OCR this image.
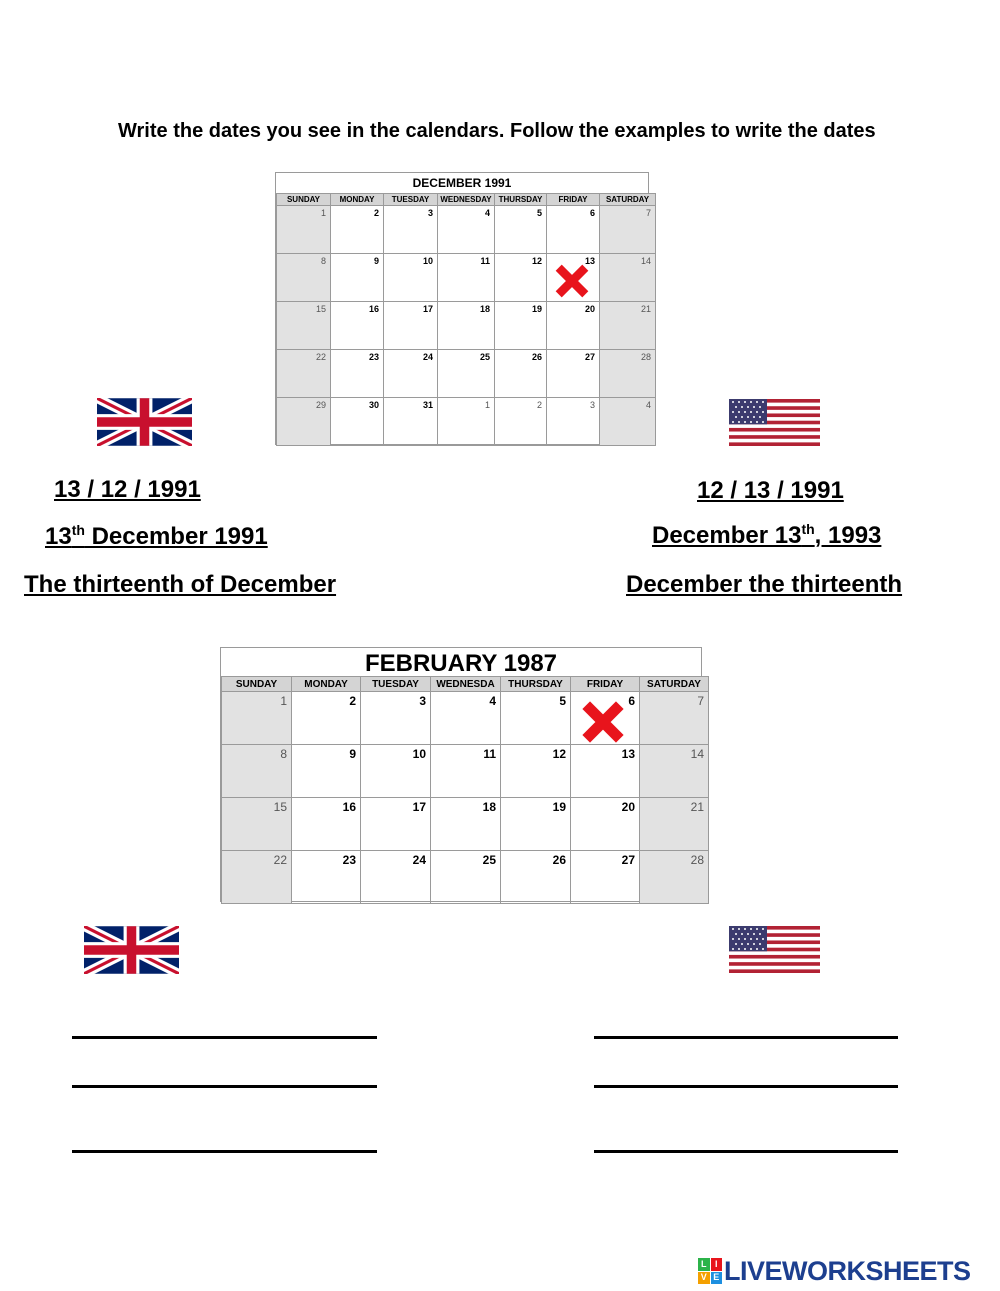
Write the dates you see in the calendars. Follow the examples to write the dates
DECEMBER 1991
SUNDAY	MONDAY	TUESDAY	WEDNESDAY	THURSDAY	FRIDAY	SATURDAY
1	2	3	4	5	6	7
8	9	10	11	12	13	14
15	16	17	18	19	20	21
22	23	24	25	26	27	28
29	30	31	1	2	3	4
FEBRUARY 1987
SUNDAY	MONDAY	TUESDAY	WEDNESDA	THURSDAY	FRIDAY	SATURDAY
1	2	3	4	5	6	7
8	9	10	11	12	13	14
15	16	17	18	19	20	21
22	23	24	25	26	27	28
13 / 12 / 1991
13th December 1991
The thirteenth of December
12 / 13 / 1991
December 13th, 1993
December the thirteenth
L I
V E LIVEWORKSHEETS
